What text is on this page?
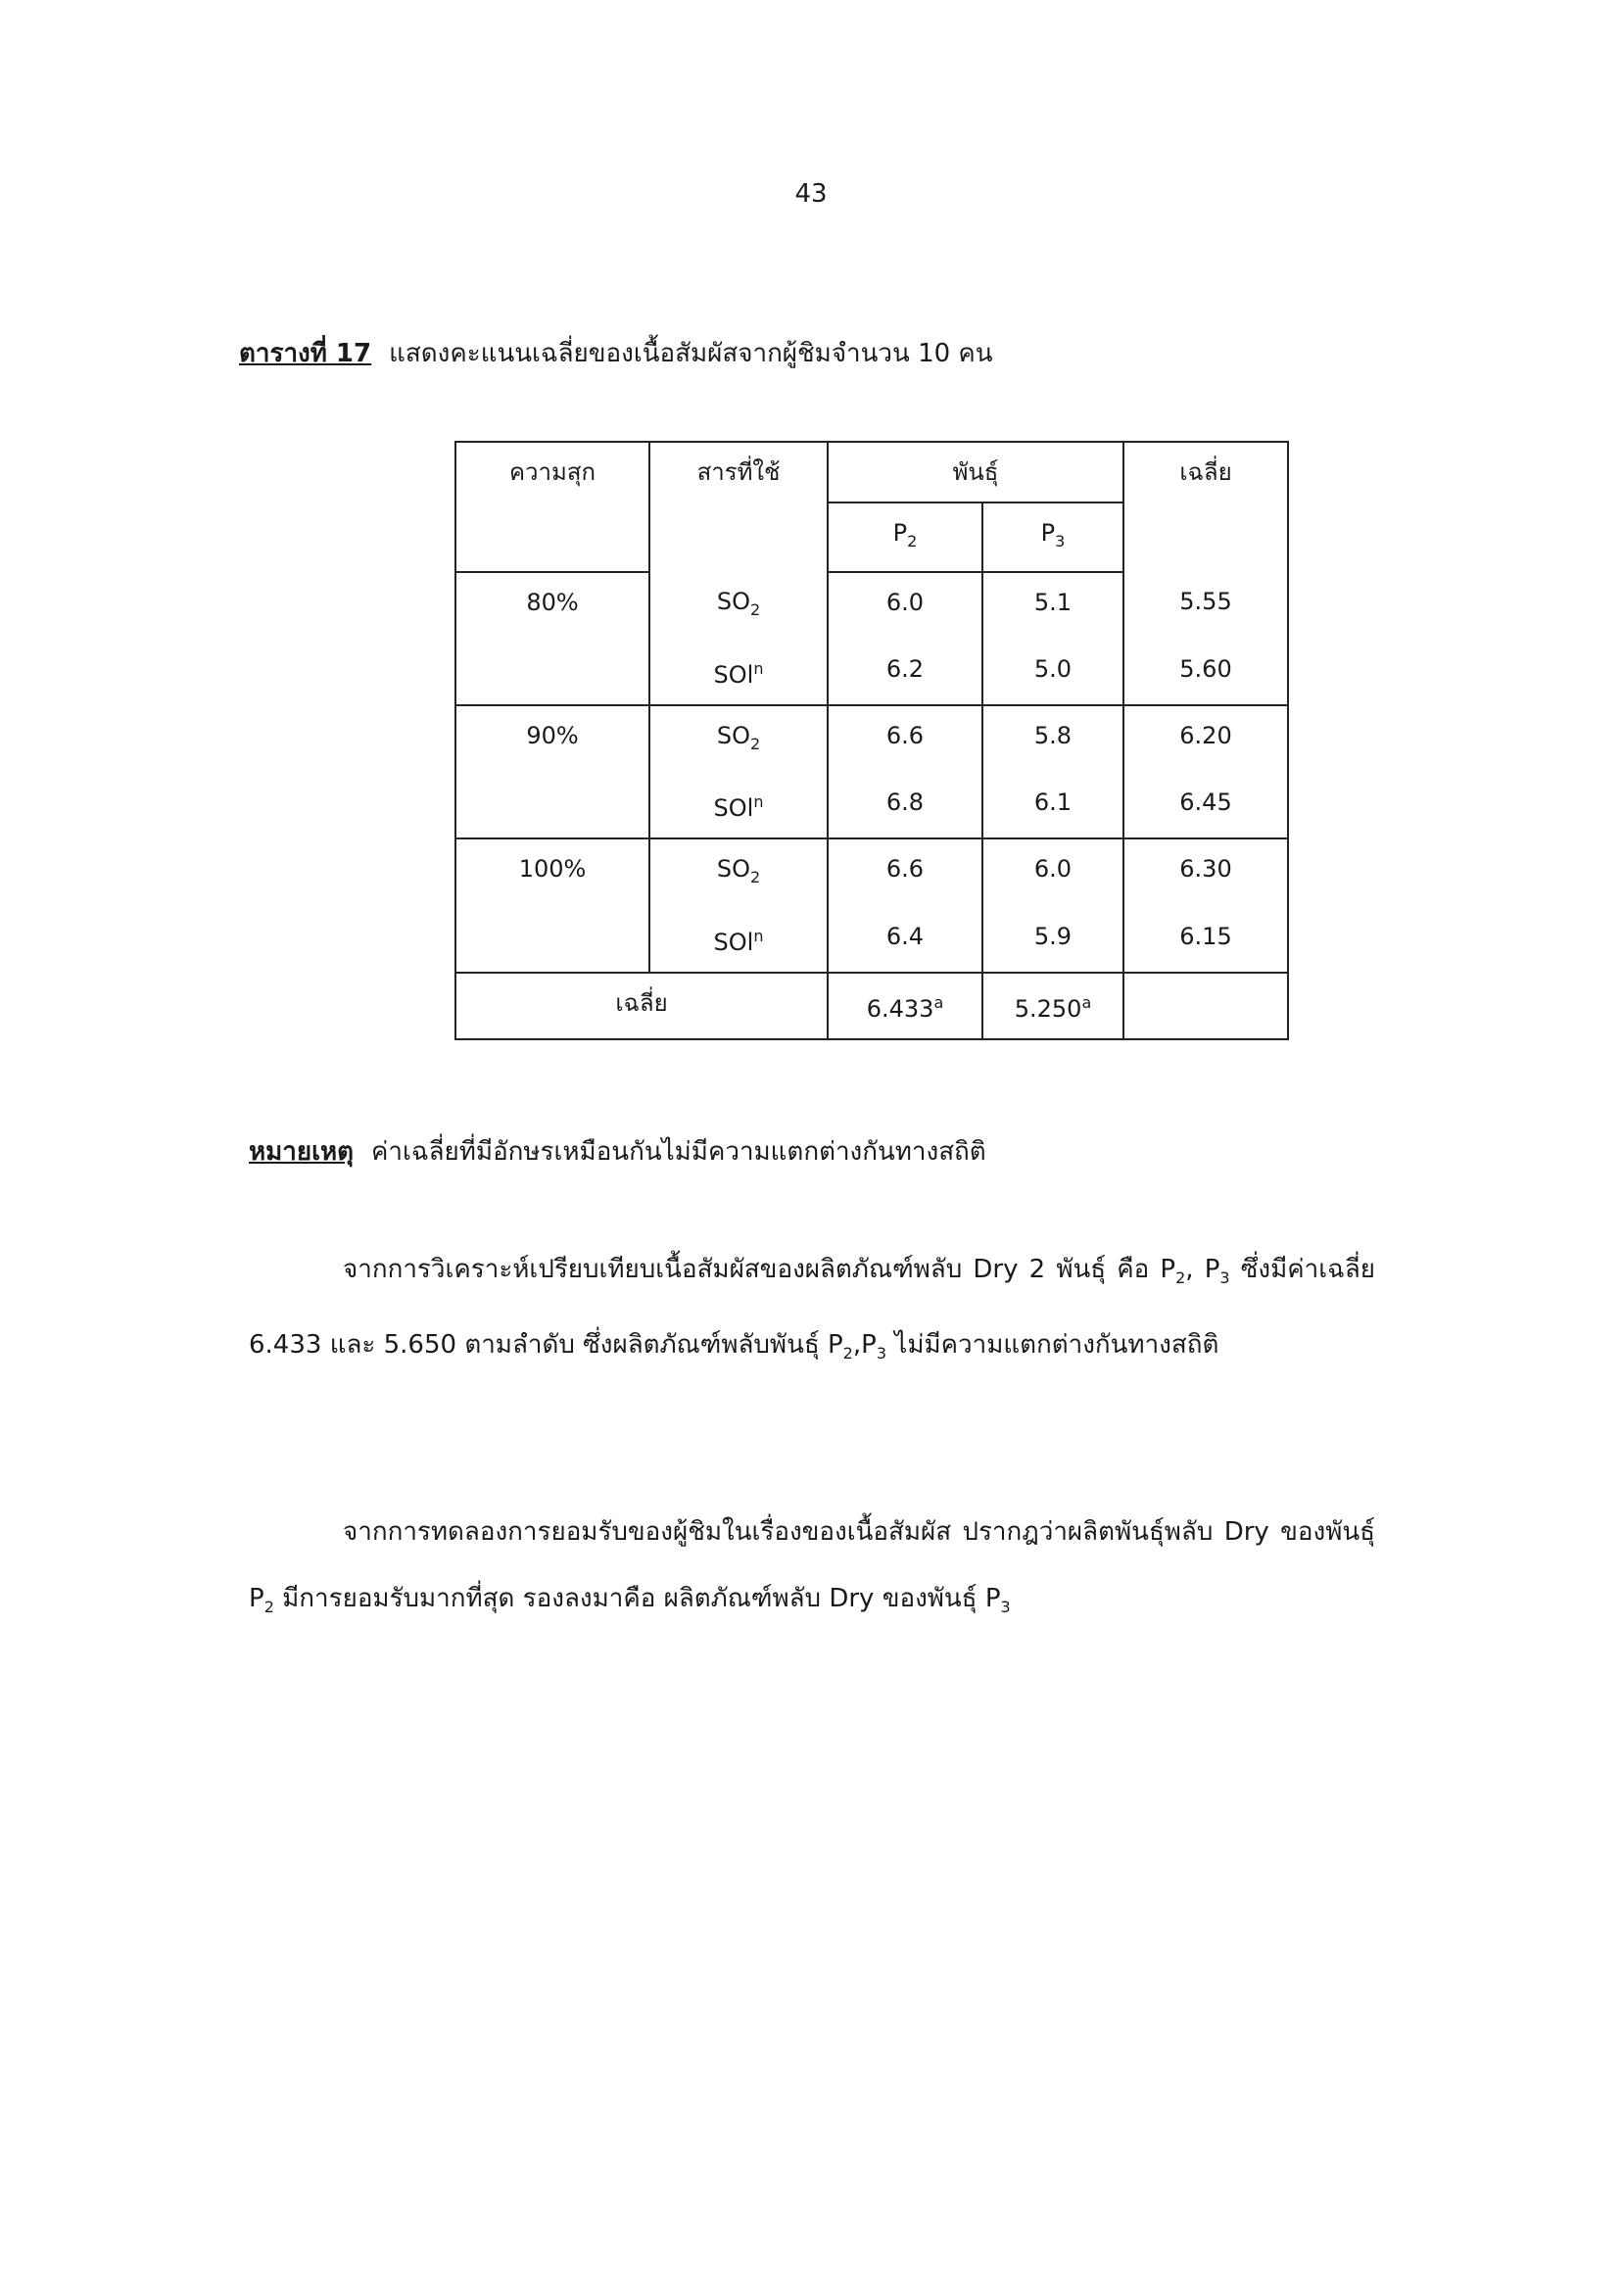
43
ตารางที่ 17 แสดงคะแนนเฉลี่ยของเนื้อสัมผัสจากผู้ชิมจำนวน 10 คน
ความสุก	สารที่ใช้	พันธุ์		เฉลี่ย
		$P_2$	$P_3$
80%	$SO_2$	6.0	5.1	5.55
	SOl$^n$	6.2	5.0	5.60
90%	$SO_2$	6.6	5.8	6.20
	SOl$^n$	6.8	6.1	6.45
100%	$SO_2$	6.6	6.0	6.30
	SOl$^n$	6.4	5.9	6.15
เฉลี่ย		6.433$^a$	5.250$^a$	
หมายเหตุ ค่าเฉลี่ยที่มีอักษรเหมือนกันไม่มีความแตกต่างกันทางสถิติ
จากการวิเคราะห์เปรียบเทียบเนื้อสัมผัสของผลิตภัณฑ์พลับ Dry 2 พันธุ์ คือ $P_2$, $P_3$ ซึ่งมีค่าเฉลี่ย 6.433 และ 5.650 ตามลำดับ ซึ่งผลิตภัณฑ์พลับพันธุ์ $P_2,P_3$ ไม่มีความแตกต่างกันทางสถิติ
จากการทดลองการยอมรับของผู้ชิมในเรื่องของเนื้อสัมผัส ปรากฎว่าผลิตพันธุ์พลับ Dry ของพันธุ์ $P_2$ มีการยอมรับมากที่สุด รองลงมาคือ ผลิตภัณฑ์พลับ Dry ของพันธุ์ $P_3$
